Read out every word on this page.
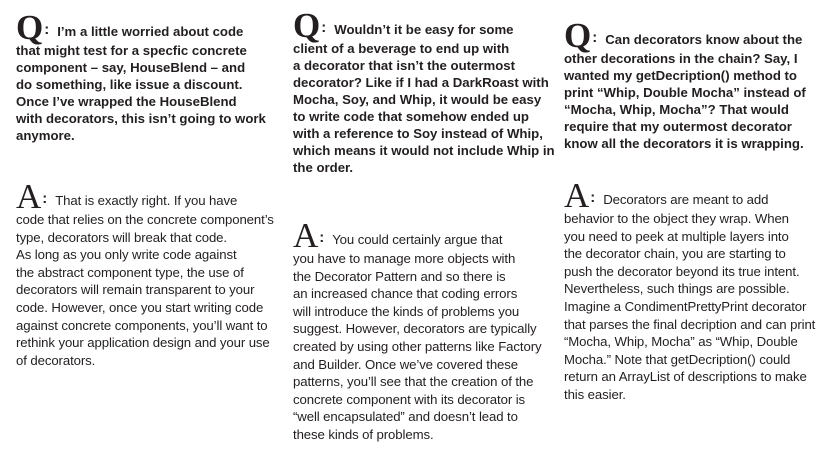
Q : I’m a little worried about code
that might test for a specfic concrete
component – say, HouseBlend – and
do something, like issue a discount.
Once I’ve wrapped the HouseBlend
with decorators, this isn’t going to work
anymore.
A : That is exactly right. If you have
code that relies on the concrete component’s
type, decorators will break that code.
As long as you only write code against
the abstract component type, the use of
decorators will remain transparent to your
code. However, once you start writing code
against concrete components, you’ll want to
rethink your application design and your use
of decorators.
Q : Wouldn’t it be easy for some
client of a beverage to end up with
a decorator that isn’t the outermost
decorator? Like if I had a DarkRoast with
Mocha, Soy, and Whip, it would be easy
to write code that somehow ended up
with a reference to Soy instead of Whip,
which means it would not include Whip in
the order.
A : You could certainly argue that
you have to manage more objects with
the Decorator Pattern and so there is
an increased chance that coding errors
will introduce the kinds of problems you
suggest. However, decorators are typically
created by using other patterns like Factory
and Builder. Once we’ve covered these
patterns, you’ll see that the creation of the
concrete component with its decorator is
“well encapsulated” and doesn’t lead to
these kinds of problems.
Q : Can decorators know about the
other decorations in the chain? Say, I
wanted my getDecription() method to
print “Whip, Double Mocha” instead of
“Mocha, Whip, Mocha”? That would
require that my outermost decorator
know all the decorators it is wrapping.
A : Decorators are meant to add
behavior to the object they wrap. When
you need to peek at multiple layers into
the decorator chain, you are starting to
push the decorator beyond its true intent.
Nevertheless, such things are possible.
Imagine a CondimentPrettyPrint decorator
that parses the final decription and can print
“Mocha, Whip, Mocha” as “Whip, Double
Mocha.” Note that getDecription() could
return an ArrayList of descriptions to make
this easier.
